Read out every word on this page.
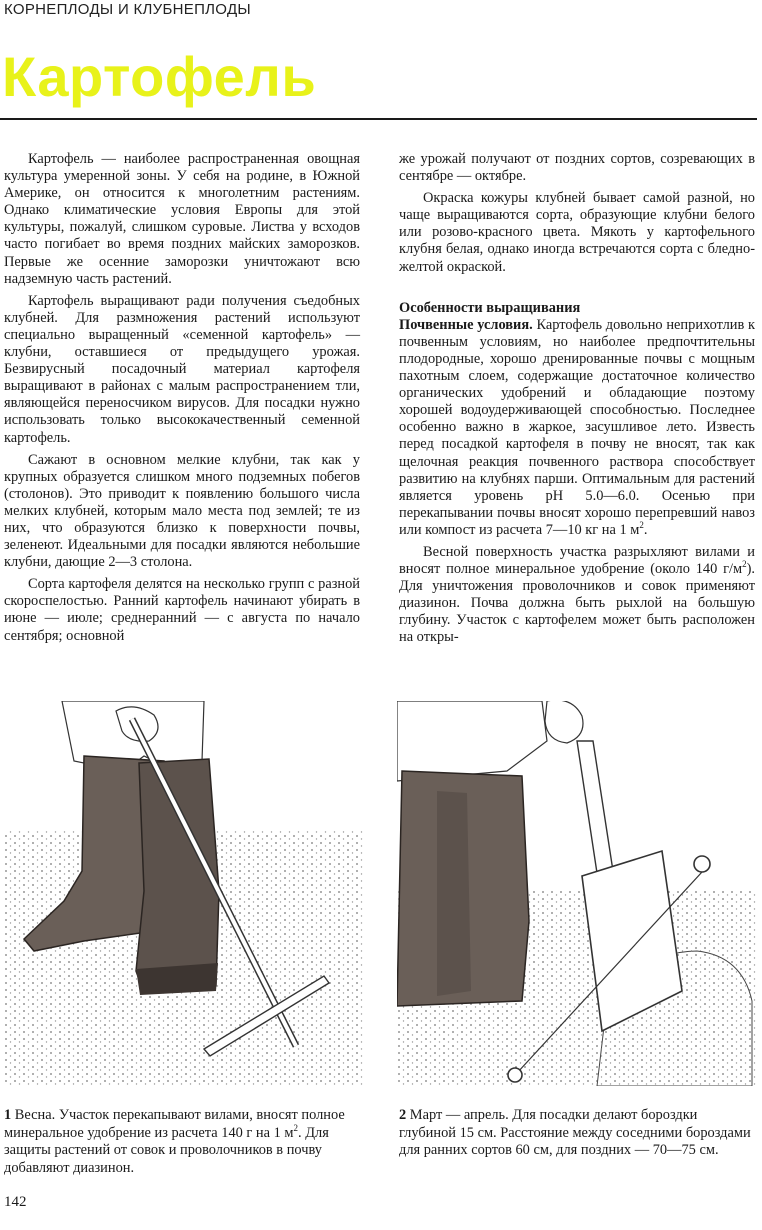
КОРНЕПЛОДЫ И КЛУБНЕПЛОДЫ
Картофель

Картофель — наиболее распространенная овощная культура умеренной зоны. У себя на родине, в Южной Америке, он относится к многолетним растениям. Однако климатические условия Европы для этой культуры, пожалуй, слишком суровые. Листва у всходов часто погибает во время поздних майских заморозков. Первые же осенние заморозки уничтожают всю надземную часть растений.

Картофель выращивают ради получения съедобных клубней. Для размножения растений используют специально выращенный «семенной картофель» — клубни, оставшиеся от предыдущего урожая. Безвирусный посадочный материал картофеля выращивают в районах с малым распространением тли, являющейся переносчиком вирусов. Для посадки нужно использовать только высококачественный семенной картофель.

Сажают в основном мелкие клубни, так как у крупных образуется слишком много подземных побегов (столонов). Это приводит к появлению большого числа мелких клубней, которым мало места под землей; те из них, что образуются близко к поверхности почвы, зеленеют. Идеальными для посадки являются небольшие клубни, дающие 2—3 столона.

Сорта картофеля делятся на несколько групп с разной скороспелостью. Ранний картофель начинают убирать в июне — июле; среднеранний — с августа по начало сентября; основной

же урожай получают от поздних сортов, созревающих в сентябре — октябре.

Окраска кожуры клубней бывает самой разной, но чаще выращиваются сорта, образующие клубни белого или розово-красного цвета. Мякоть у картофельного клубня белая, однако иногда встречаются сорта с бледно-желтой окраской.

Особенности выращивания

Почвенные условия. Картофель довольно неприхотлив к почвенным условиям, но наиболее предпочтительны плодородные, хорошо дренированные почвы с мощным пахотным слоем, содержащие достаточное количество органических удобрений и обладающие поэтому хорошей водоудерживающей способностью. Последнее особенно важно в жаркое, засушливое лето. Известь перед посадкой картофеля в почву не вносят, так как щелочная реакция почвенного раствора способствует развитию на клубнях парши. Оптимальным для растений является уровень pH 5.0—6.0. Осенью при перекапывании почвы вносят хорошо перепревший навоз или компост из расчета 7—10 кг на 1 $м^2$.

Весной поверхность участка разрыхляют вилами и вносят полное минеральное удобрение (около 140 $г/м^2$). Для уничтожения проволочников и совок применяют диазинон. Почва должна быть рыхлой на большую глубину. Участок с картофелем может быть расположен на откры-

1 Весна. Участок перекапывают вилами, вносят полное минеральное удобрение из расчета 140 г на 1 $м^2$. Для защиты растений от совок и проволочников в почву добавляют диазинон.
2 Март — апрель. Для посадки делают бороздки глубиной 15 см. Расстояние между соседними бороздами для ранних сортов 60 см, для поздних — 70—75 см.
142
